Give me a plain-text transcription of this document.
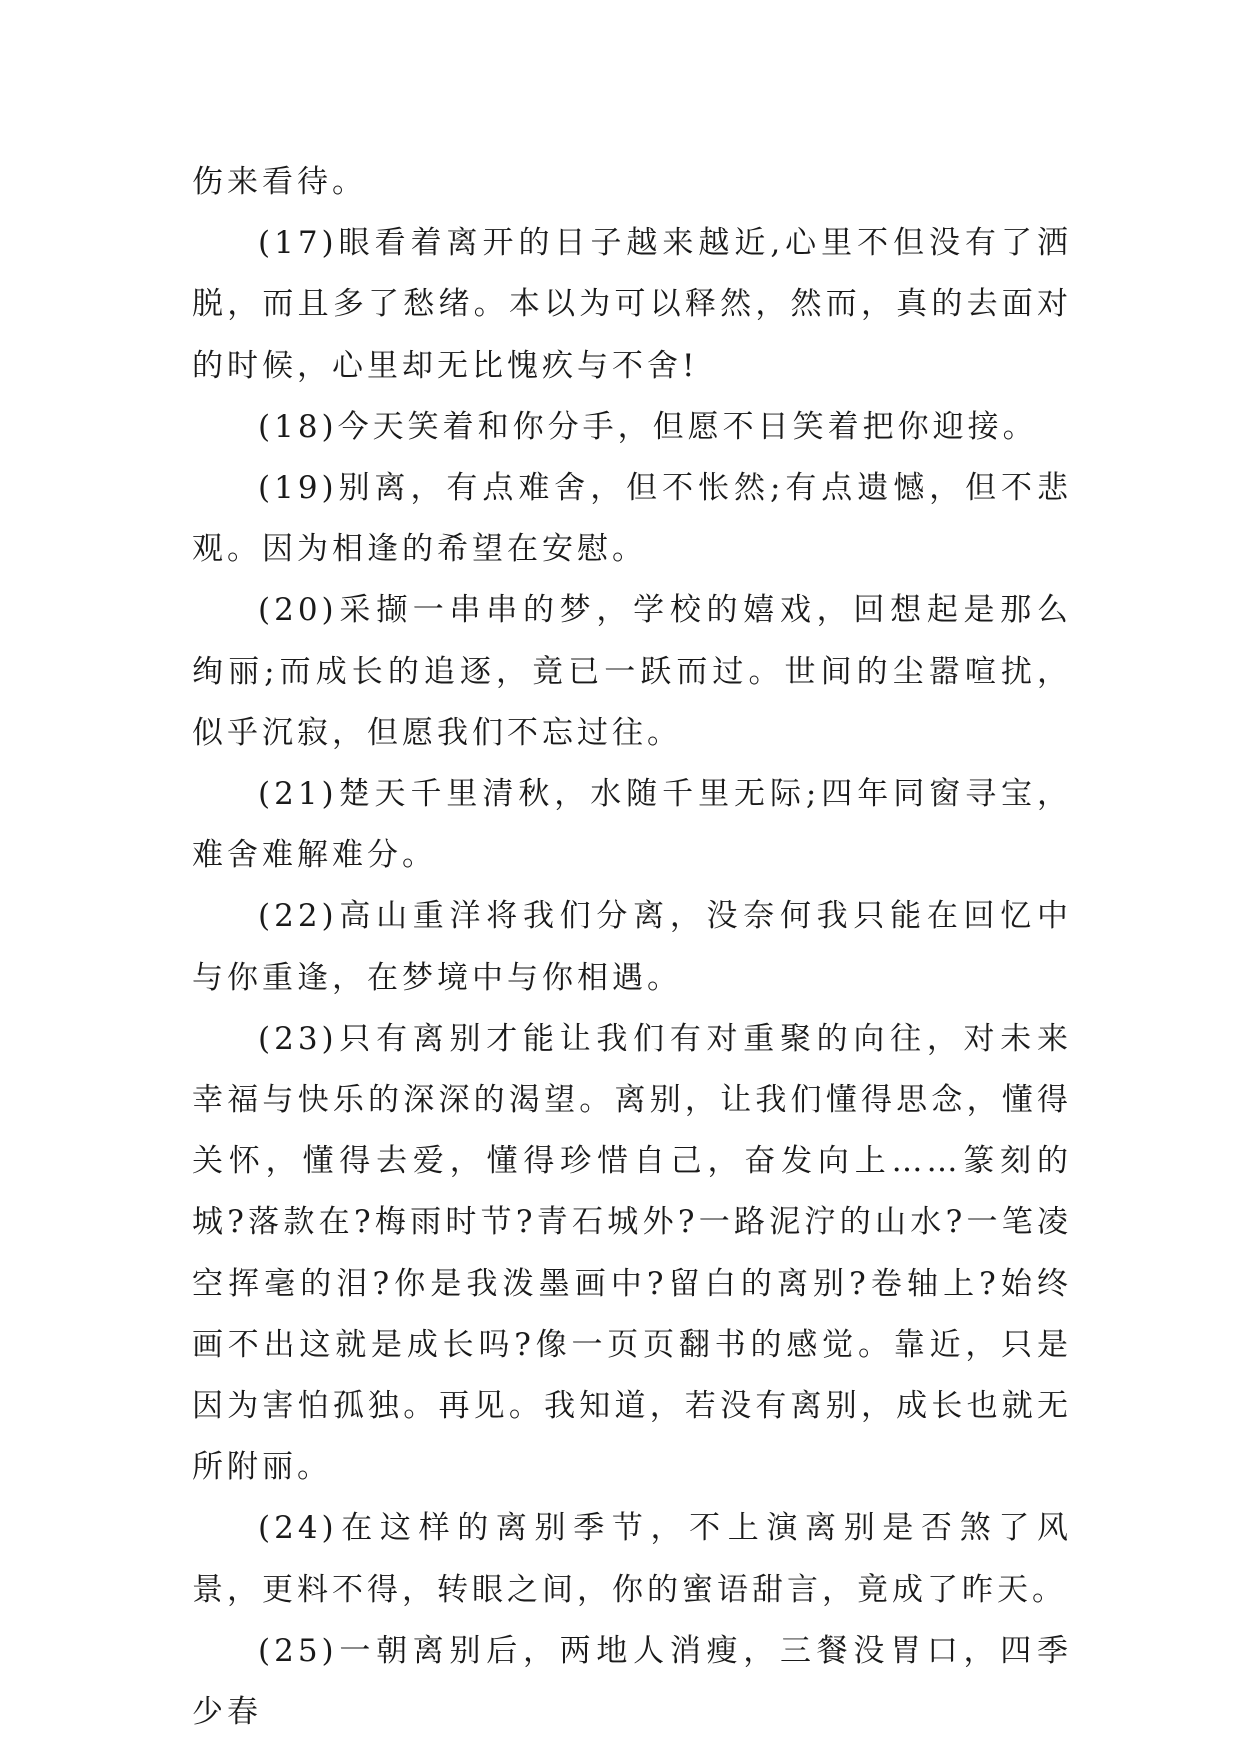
伤来看待。

(17)眼看着离开的日子越来越近,心里不但没有了洒脱，而且多了愁绪。本以为可以释然，然而，真的去面对的时候，心里却无比愧疚与不舍!

(18)今天笑着和你分手，但愿不日笑着把你迎接。

(19)别离，有点难舍，但不怅然;有点遗憾，但不悲观。因为相逢的希望在安慰。

(20)采撷一串串的梦，学校的嬉戏，回想起是那么绚丽;而成长的追逐，竟已一跃而过。世间的尘嚣喧扰，似乎沉寂，但愿我们不忘过往。

(21)楚天千里清秋，水随千里无际;四年同窗寻宝，难舍难解难分。

(22)高山重洋将我们分离，没奈何我只能在回忆中与你重逢，在梦境中与你相遇。

(23)只有离别才能让我们有对重聚的向往，对未来幸福与快乐的深深的渴望。离别，让我们懂得思念，懂得关怀，懂得去爱，懂得珍惜自己，奋发向上……篆刻的城?落款在?梅雨时节?青石城外?一路泥泞的山水?一笔凌空挥毫的泪?你是我泼墨画中?留白的离别?卷轴上?始终画不出这就是成长吗?像一页页翻书的感觉。靠近，只是因为害怕孤独。再见。我知道，若没有离别，成长也就无所附丽。

(24)在这样的离别季节，不上演离别是否煞了风景，更料不得，转眼之间，你的蜜语甜言，竟成了昨天。

(25)一朝离别后，两地人消瘦，三餐没胃口，四季少春
